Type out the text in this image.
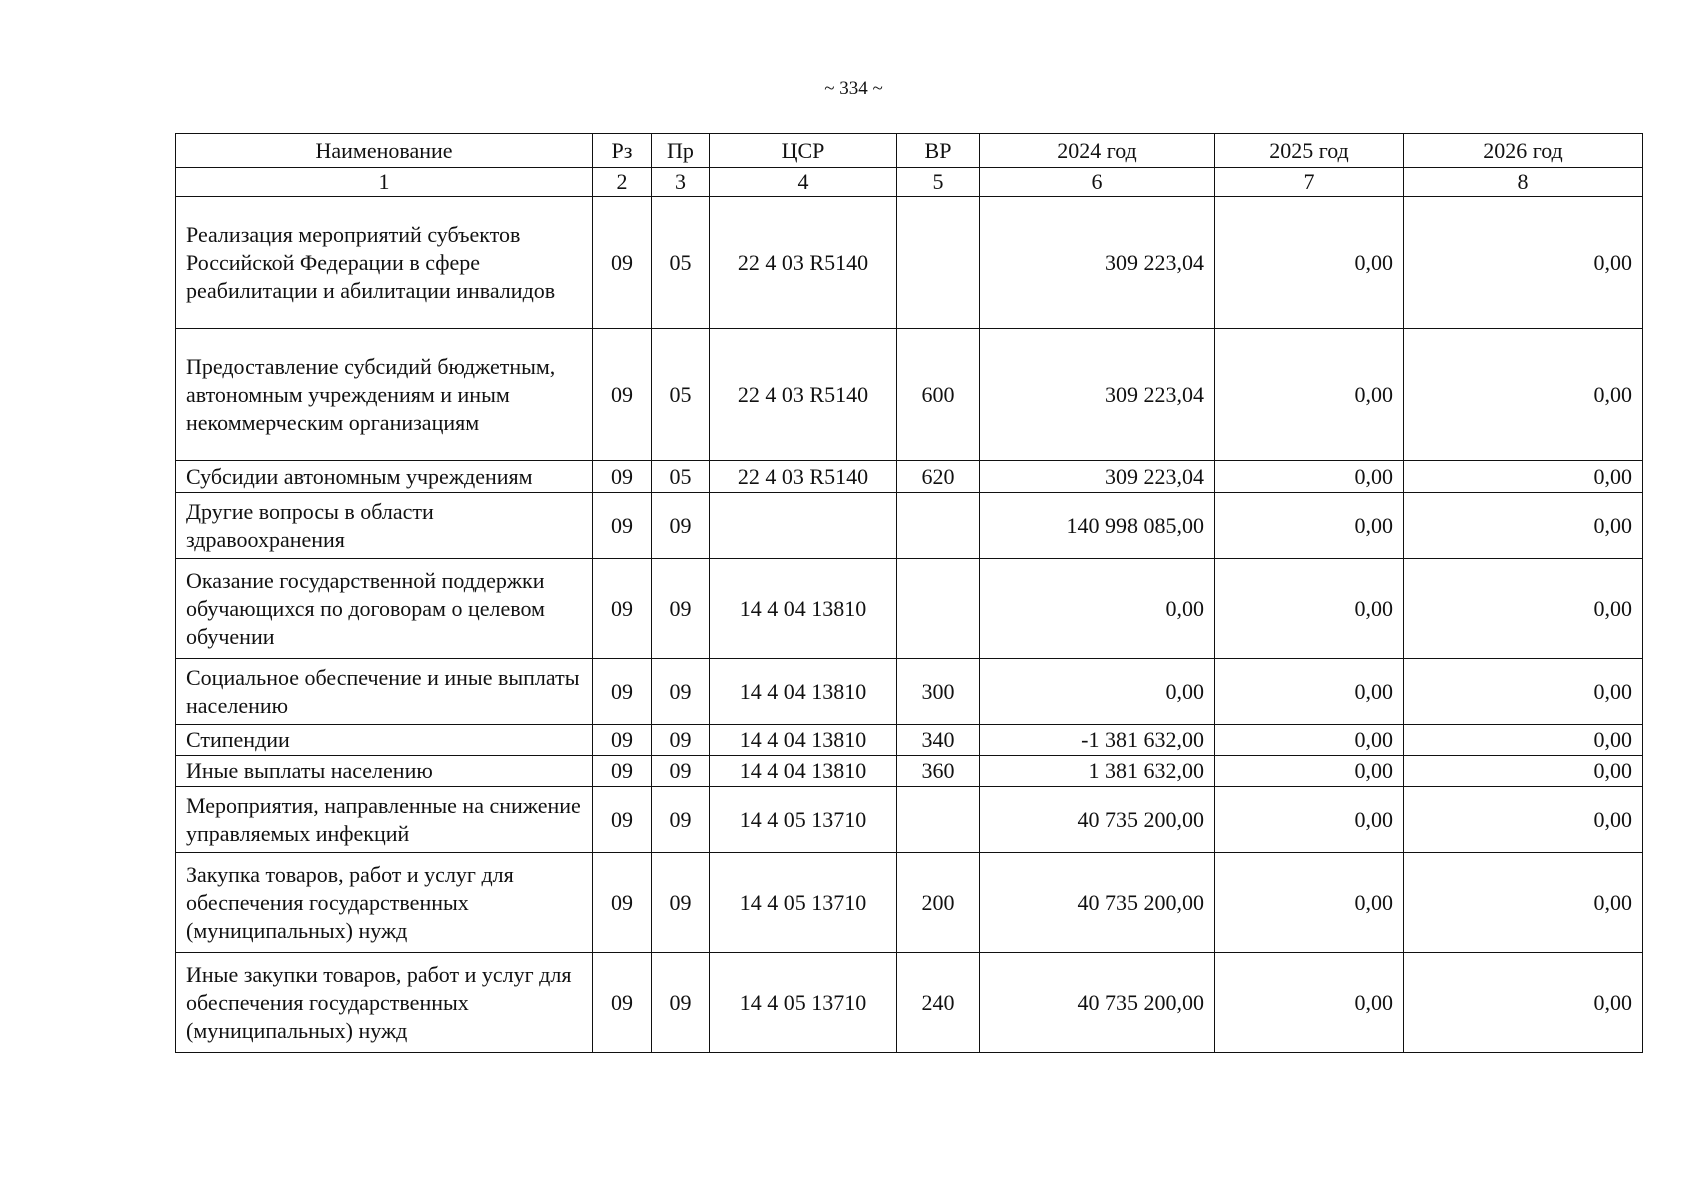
~ 334 ~
Наименование	Рз	Пр	ЦСР	ВР	2024 год	2025 год	2026 год
1	2	3	4	5	6	7	8
Реализация мероприятий субъектов Российской Федерации в сфере реабилитации и абилитации инвалидов	09	05	22 4 03 R5140		309 223,04	0,00	0,00
Предоставление субсидий бюджетным, автономным учреждениям и иным некоммерческим организациям	09	05	22 4 03 R5140	600	309 223,04	0,00	0,00
Субсидии автономным учреждениям	09	05	22 4 03 R5140	620	309 223,04	0,00	0,00
Другие вопросы в области здравоохранения	09	09			140 998 085,00	0,00	0,00
Оказание государственной поддержки обучающихся по договорам о целевом обучении	09	09	14 4 04 13810		0,00	0,00	0,00
Социальное обеспечение и иные выплаты населению	09	09	14 4 04 13810	300	0,00	0,00	0,00
Стипендии	09	09	14 4 04 13810	340	-1 381 632,00	0,00	0,00
Иные выплаты населению	09	09	14 4 04 13810	360	1 381 632,00	0,00	0,00
Мероприятия, направленные на снижение управляемых инфекций	09	09	14 4 05 13710		40 735 200,00	0,00	0,00
Закупка товаров, работ и услуг для обеспечения государственных (муниципальных) нужд	09	09	14 4 05 13710	200	40 735 200,00	0,00	0,00
Иные закупки товаров, работ и услуг для обеспечения государственных (муниципальных) нужд	09	09	14 4 05 13710	240	40 735 200,00	0,00	0,00
